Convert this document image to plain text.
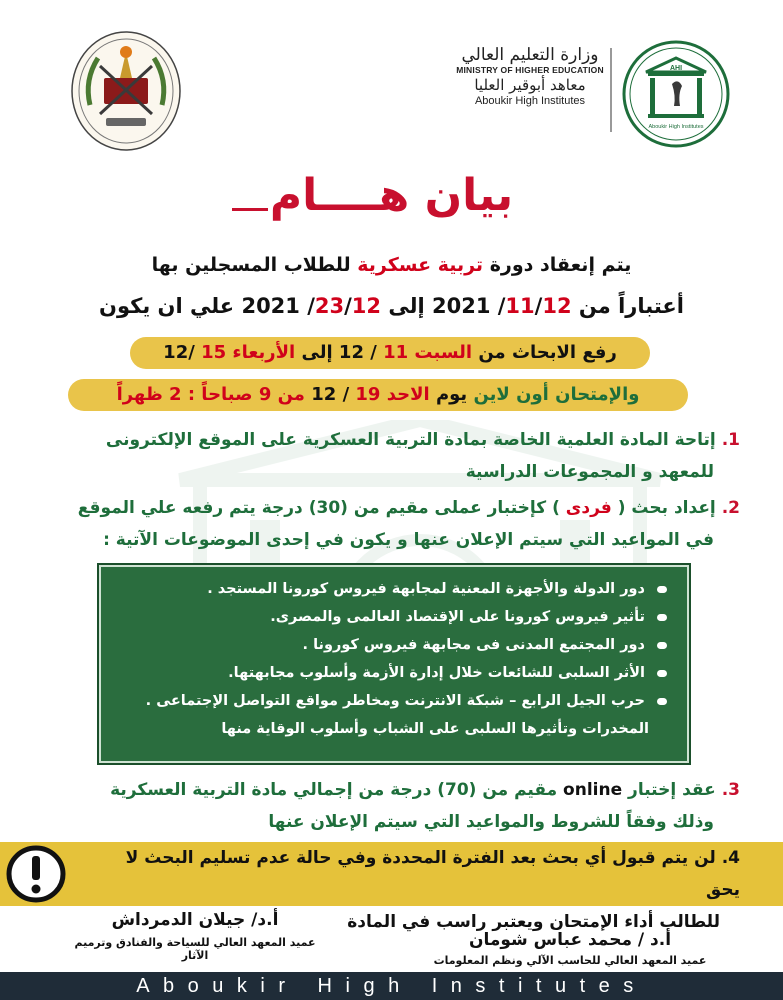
وزارة التعليم العالي
MINISTRY OF HIGHER EDUCATION
معاهد أبوقير العليا
Aboukir High Institutes
AHI
Aboukir High Institutes
بيان هــــام
يتم إنعقاد دورة تربية عسكرية للطلاب المسجلين بها
أعتباراً من 11/12/ 2021 إلى 23/12/ 2021 علي ان يكون
رفع الابحاث من السبت 11 / 12 إلى الأربعاء 15 /12
والإمتحان أون لاين يوم الاحد 19 / 12 من 9 صباحاً : 2 ظهراً
1. إتاحة المادة العلمية الخاصة بمادة التربية العسكرية على الموقع الإلكترونى
للمعهد و المجموعات الدراسية
2. إعداد بحث ( فردى ) كإختبار عملى مقيم من (30) درجة يتم رفعه علي الموقع
في المواعيد التي سيتم الإعلان عنها و يكون في إحدى الموضوعات الآتية :
دور الدولة والأجهزة المعنية لمجابهة فيروس كورونا المستجد .
تأثير فيروس كورونا على الإقتصاد العالمى والمصرى.
دور المجتمع المدنى فى مجابهة فيروس كورونا .
الأثر السلبى للشائعات خلال إدارة الأزمة وأسلوب مجابهتها.
حرب الجيل الرابع – شبكة الانترنت ومخاطر مواقع التواصل الإجتماعى .
المخدرات وتأثيرها السلبى على الشباب وأسلوب الوقاية منها
3. عقد إختبار online مقيم من (70) درجة من إجمالي مادة التربية العسكرية
وذلك وفقاً للشروط والمواعيد التي سيتم الإعلان عنها
4. لن يتم قبول أي بحث بعد الفترة المحددة وفي حالة عدم تسليم البحث لا يحق
للطالب أداء الإمتحان ويعتبر راسب في المادة
أ.د/ جيلان الدمرداش
عميد المعهد العالي للسياحة والفنادق وترميم الآثار
أ.د / محمد عباس شومان
عميد المعهد العالي للحاسب الآلي ونظم المعلومات
Aboukir High Institutes
